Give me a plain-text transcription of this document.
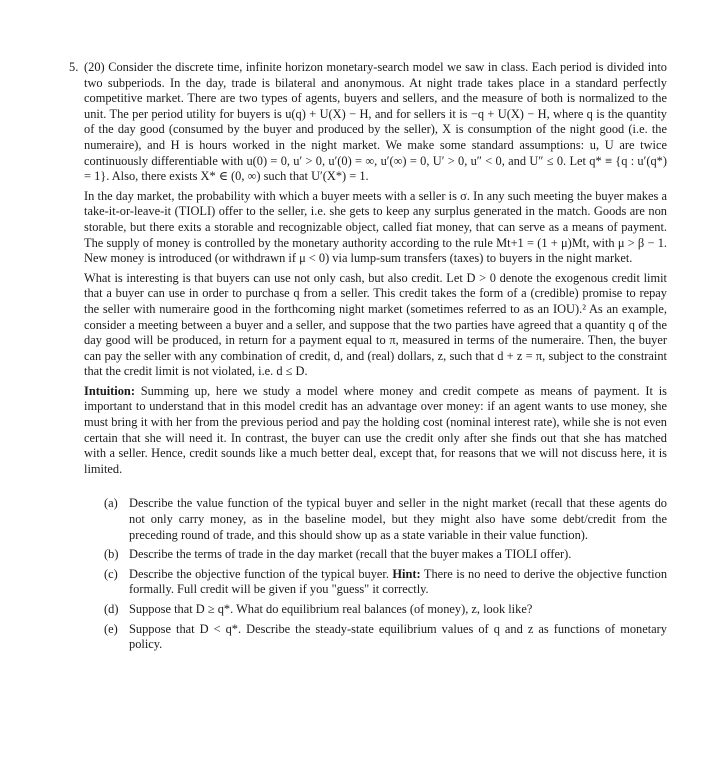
5. (20) Consider the discrete time, infinite horizon monetary-search model we saw in class. Each period is divided into two subperiods. In the day, trade is bilateral and anonymous. At night trade takes place in a standard perfectly competitive market. There are two types of agents, buyers and sellers, and the measure of both is normalized to the unit. The per period utility for buyers is u(q) + U(X) − H, and for sellers it is −q + U(X) − H, where q is the quantity of the day good (consumed by the buyer and produced by the seller), X is consumption of the night good (i.e. the numeraire), and H is hours worked in the night market. We make some standard assumptions: u, U are twice continuously differentiable with u(0) = 0, u′ > 0, u′(0) = ∞, u′(∞) = 0, U′ > 0, u″ < 0, and U″ ≤ 0. Let q* ≡ {q : u′(q*) = 1}. Also, there exists X* ∈ (0, ∞) such that U′(X*) = 1.

In the day market, the probability with which a buyer meets with a seller is σ. In any such meeting the buyer makes a take-it-or-leave-it (TIOLI) offer to the seller, i.e. she gets to keep any surplus generated in the match. Goods are non storable, but there exits a storable and recognizable object, called fiat money, that can serve as a means of payment. The supply of money is controlled by the monetary authority according to the rule Mt+1 = (1 + μ)Mt, with μ > β − 1. New money is introduced (or withdrawn if μ < 0) via lump-sum transfers (taxes) to buyers in the night market.

What is interesting is that buyers can use not only cash, but also credit. Let D > 0 denote the exogenous credit limit that a buyer can use in order to purchase q from a seller. This credit takes the form of a (credible) promise to repay the seller with numeraire good in the forthcoming night market (sometimes referred to as an IOU).² As an example, consider a meeting between a buyer and a seller, and suppose that the two parties have agreed that a quantity q of the day good will be produced, in return for a payment equal to π, measured in terms of the numeraire. Then, the buyer can pay the seller with any combination of credit, d, and (real) dollars, z, such that d + z = π, subject to the constraint that the credit limit is not violated, i.e. d ≤ D.

Intuition: Summing up, here we study a model where money and credit compete as means of payment. It is important to understand that in this model credit has an advantage over money: if an agent wants to use money, she must bring it with her from the previous period and pay the holding cost (nominal interest rate), while she is not even certain that she will need it. In contrast, the buyer can use the credit only after she finds out that she has matched with a seller. Hence, credit sounds like a much better deal, except that, for reasons that we will not discuss here, it is limited.

(a) Describe the value function of the typical buyer and seller in the night market (recall that these agents do not only carry money, as in the baseline model, but they might also have some debt/credit from the preceding round of trade, and this should show up as a state variable in their value function).
(b) Describe the terms of trade in the day market (recall that the buyer makes a TIOLI offer).
(c) Describe the objective function of the typical buyer. Hint: There is no need to derive the objective function formally. Full credit will be given if you "guess" it correctly.
(d) Suppose that D ≥ q*. What do equilibrium real balances (of money), z, look like?
(e) Suppose that D < q*. Describe the steady-state equilibrium values of q and z as functions of monetary policy.
